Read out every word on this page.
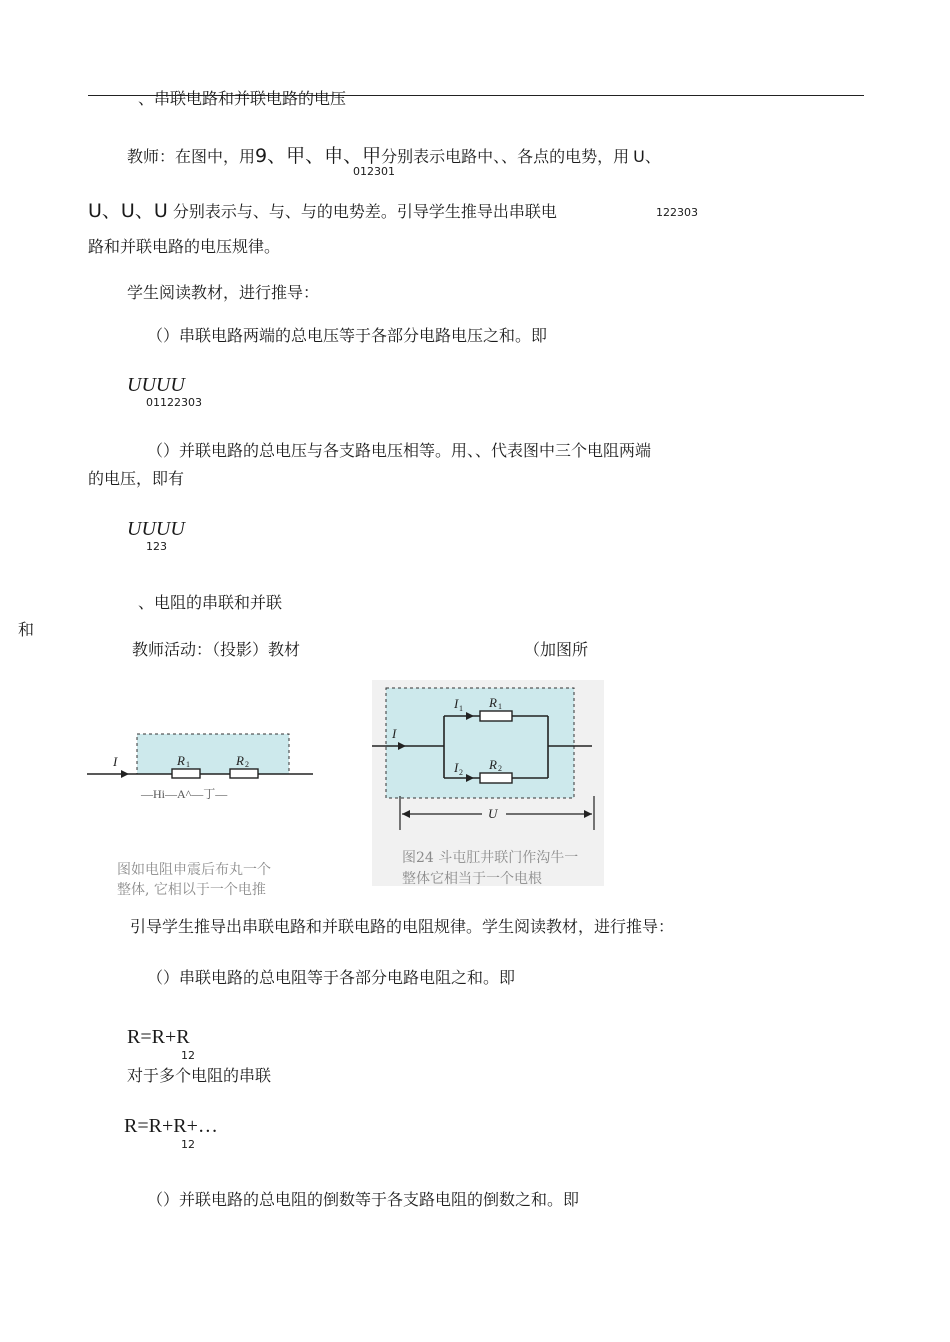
、串联电路和并联电路的电压
教师：在图中，用9、甲、申、甲分别表示电路中、、各点的电势，用 U、
012301
U、U、U 分别表示与、与、与的电势差。引导学生推导出串联电	122303
路和并联电路的电压规律。
学生阅读教材，进行推导：
（）串联电路两端的总电压等于各部分电路电压之和。即
UUUU
01122303
（）并联电路的总电压与各支路电压相等。用、、代表图中三个电阻两端
的电压，即有
UUUU
123
、电阻的串联和并联
和
教师活动：（投影）教材	（加图所
I	R 1	R 2
—Hi—A^—丁—
图如电阻申震后布丸一个
整体, 它相以于一个电推
I
I 1
I 2
R 1
R 2
U
图24 斗屯肛井联门作沟牛一
整体它相当于一个电根
引导学生推导出串联电路和并联电路的电阻规律。学生阅读教材，进行推导：
（）串联电路的总电阻等于各部分电路电阻之和。即
R=R+R
12
对于多个电阻的串联
R=R+R+…
12
（）并联电路的总电阻的倒数等于各支路电阻的倒数之和。即
